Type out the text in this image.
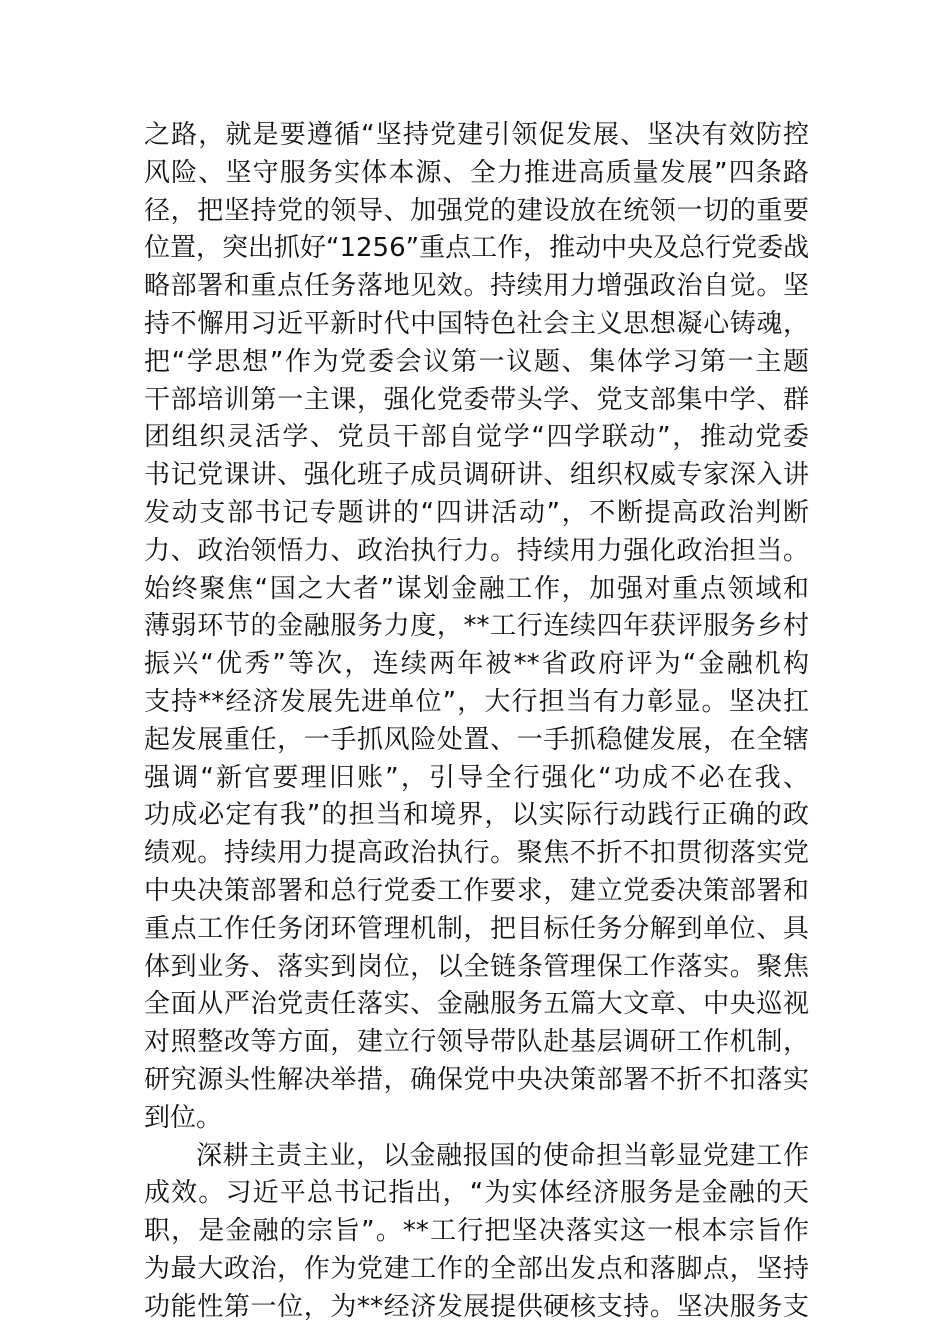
之路，就是要遵循“坚持党建引领促发展、坚决有效防控
风险、坚守服务实体本源、全力推进高质量发展”四条路
径，把坚持党的领导、加强党的建设放在统领一切的重要
位置，突出抓好“1256”重点工作，推动中央及总行党委战
略部署和重点任务落地见效。持续用力增强政治自觉。坚
持不懈用习近平新时代中国特色社会主义思想凝心铸魂，
把“学思想”作为党委会议第一议题、集体学习第一主题
干部培训第一主课，强化党委带头学、党支部集中学、群
团组织灵活学、党员干部自觉学“四学联动”，推动党委
书记党课讲、强化班子成员调研讲、组织权威专家深入讲
发动支部书记专题讲的“四讲活动”，不断提高政治判断
力、政治领悟力、政治执行力。持续用力强化政治担当。
始终聚焦“国之大者”谋划金融工作，加强对重点领域和
薄弱环节的金融服务力度，**工行连续四年获评服务乡村
振兴“优秀”等次，连续两年被**省政府评为“金融机构
支持**经济发展先进单位”，大行担当有力彰显。坚决扛
起发展重任，一手抓风险处置、一手抓稳健发展，在全辖
强调“新官要理旧账”，引导全行强化“功成不必在我、
功成必定有我”的担当和境界，以实际行动践行正确的政
绩观。持续用力提高政治执行。聚焦不折不扣贯彻落实党
中央决策部署和总行党委工作要求，建立党委决策部署和
重点工作任务闭环管理机制，把目标任务分解到单位、具
体到业务、落实到岗位，以全链条管理保工作落实。聚焦
全面从严治党责任落实、金融服务五篇大文章、中央巡视
对照整改等方面，建立行领导带队赴基层调研工作机制，
研究源头性解决举措，确保党中央决策部署不折不扣落实
到位。
深耕主责主业，以金融报国的使命担当彰显党建工作
成效。习近平总书记指出，“为实体经济服务是金融的天
职，是金融的宗旨”。**工行把坚决落实这一根本宗旨作
为最大政治，作为党建工作的全部出发点和落脚点，坚持
功能性第一位，为**经济发展提供硬核支持。坚决服务支
